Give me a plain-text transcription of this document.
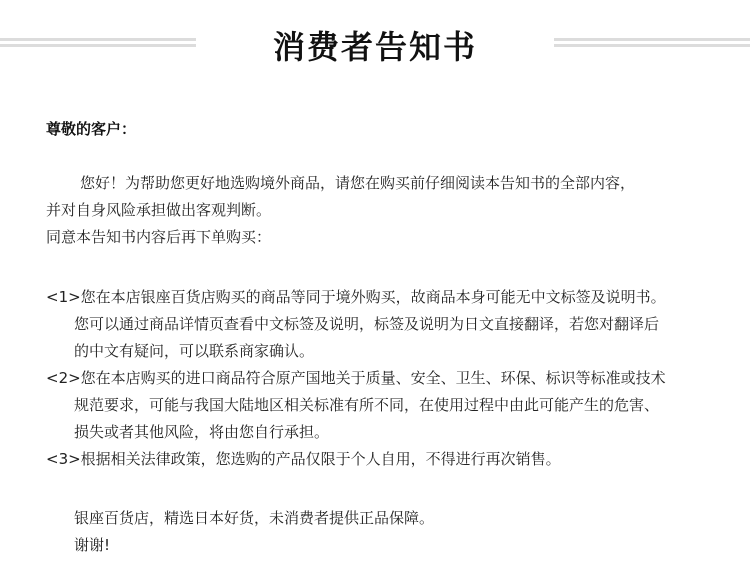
消费者告知书
尊敬的客户：
您好！为帮助您更好地选购境外商品，请您在购买前仔细阅读本告知书的全部内容，
并对自身风险承担做出客观判断。
同意本告知书内容后再下单购买：
<1>您在本店银座百货店购买的商品等同于境外购买，故商品本身可能无中文标签及说明书。
您可以通过商品详情页查看中文标签及说明，标签及说明为日文直接翻译，若您对翻译后
的中文有疑问，可以联系商家确认。
<2>您在本店购买的进口商品符合原产国地关于质量、安全、卫生、环保、标识等标准或技术
规范要求，可能与我国大陆地区相关标准有所不同，在使用过程中由此可能产生的危害、
损失或者其他风险，将由您自行承担。
<3>根据相关法律政策，您选购的产品仅限于个人自用，不得进行再次销售。
银座百货店，精选日本好货，未消费者提供正品保障。
谢谢!
